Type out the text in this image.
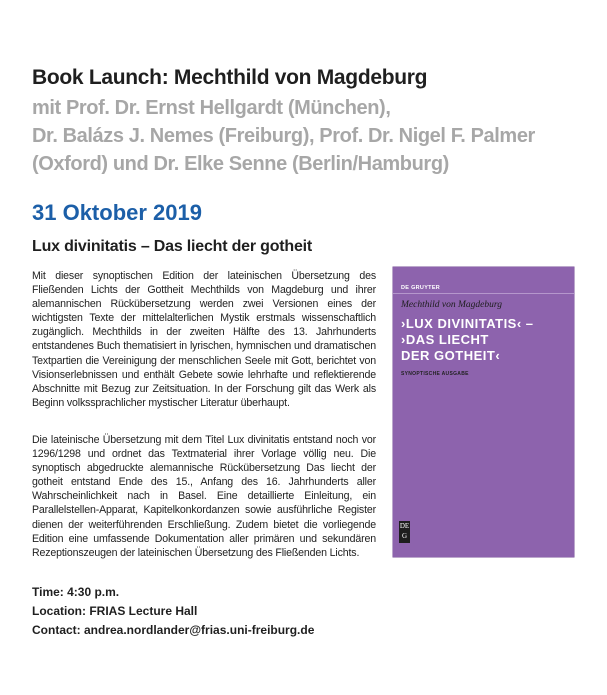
Book Launch: Mechthild von Magdeburg
mit Prof. Dr. Ernst Hellgardt (München),
Dr. Balázs J. Nemes (Freiburg), Prof. Dr. Nigel F. Palmer
(Oxford) und Dr. Elke Senne (Berlin/Hamburg)
31 Oktober 2019
Lux divinitatis – Das liecht der gotheit
Mit dieser synoptischen Edition der lateinischen Übersetzung des Fließenden Lichts der Gottheit Mechthilds von Magdeburg und ihrer alemannischen Rückübersetzung werden zwei Versionen eines der wichtigsten Texte der mittelalterlichen Mystik erstmals wissenschaftlich zugänglich. Mechthilds in der zweiten Hälfte des 13. Jahrhunderts entstandenes Buch thematisiert in lyrischen, hymnischen und dramatischen Textpartien die Vereinigung der menschlichen Seele mit Gott, berichtet von Visionserlebnissen und enthält Gebete sowie lehrhafte und reflektierende Abschnitte mit Bezug zur Zeitsituation. In der Forschung gilt das Werk als Beginn volkssprachlicher mystischer Literatur überhaupt.
Die lateinische Übersetzung mit dem Titel Lux divinitatis entstand noch vor 1296/1298 und ordnet das Textmaterial ihrer Vorlage völlig neu. Die synoptisch abgedruckte alemannische Rückübersetzung Das liecht der gotheit entstand Ende des 15., Anfang des 16. Jahrhunderts aller Wahrscheinlichkeit nach in Basel. Eine detaillierte Einleitung, ein Parallelstellen-Apparat, Kapitelkonkordanzen sowie ausführliche Register dienen der weiterführenden Erschließung. Zudem bietet die vorliegende Edition eine umfassende Dokumentation aller primären und sekundären Rezeptionszeugen der lateinischen Übersetzung des Fließenden Lichts.
Time: 4:30 p.m.
Location: FRIAS Lecture Hall
Contact: andrea.nordlander@frias.uni-freiburg.de
DE GRUYTER
Mechthild von Magdeburg
›LUX DIVINITATIS‹ –
›DAS LIECHT
DER GOTHEIT‹
SYNOPTISCHE AUSGABE
DE
G
